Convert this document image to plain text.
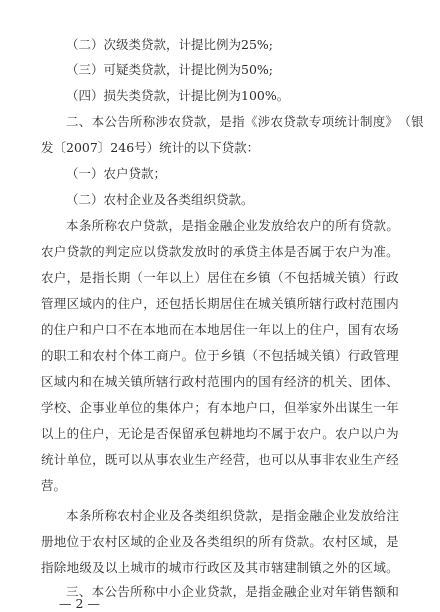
（二）次级类贷款，计提比例为25%;
（三）可疑类贷款，计提比例为50%;
（四）损失类贷款，计提比例为100%。
二 、 本 公 告 所 称 涉 农 贷 款 ， 是 指 《 涉 农 贷 款 专 项 统 计 制 度 》 （ 银
发〔2007〕246号）统计的以下贷款：
（一）农户贷款；
（二）农村企业及各类组织贷款。
本 条 所 称 农 户 贷 款 ， 是 指 金 融 企 业 发 放 给 农 户 的 所 有 贷 款 。
农 户 贷 款 的 判 定 应 以 贷 款 发 放 时 的 承 贷 主 体 是 否 属 于 农 户 为 准 。
农 户 ， 是 指 长 期 （ 一 年 以 上 ） 居 住 在 乡 镇 （ 不 包 括 城 关 镇 ） 行 政
管 理 区 域 内 的 住 户 ， 还 包 括 长 期 居 住 在 城 关 镇 所 辖 行 政 村 范 围 内
的 住 户 和 户 口 不 在 本 地 而 在 本 地 居 住 一 年 以 上 的 住 户 ， 国 有 农 场
的 职 工 和 农 村 个 体 工 商 户 。 位 于 乡 镇 （ 不 包 括 城 关 镇 ） 行 政 管 理
区 域 内 和 在 城 关 镇 所 辖 行 政 村 范 围 内 的 国 有 经 济 的 机 关 、 团 体 、
学 校 、 企 事 业 单 位 的 集 体 户 ； 有 本 地 户 口 ， 但 举 家 外 出 谋 生 一 年
以 上 的 住 户 ， 无 论 是 否 保 留 承 包 耕 地 均 不 属 于 农 户 。 农 户 以 户 为
统 计 单 位 ， 既 可 以 从 事 农 业 生 产 经 营 ， 也 可 以 从 事 非 农 业 生 产 经
营。
本 条 所 称 农 村 企 业 及 各 类 组 织 贷 款 ， 是 指 金 融 企 业 发 放 给 注
册 地 位 于 农 村 区 域 的 企 业 及 各 类 组 织 的 所 有 贷 款 。 农 村 区 域 ， 是
指 除 地 级 及 以 上 城 市 的 城 市 行 政 区 及 其 市 辖 建 制 镇 之 外 的 区 域 。
三 、 本 公 告 所 称 中 小 企 业 贷 款 ， 是 指 金 融 企 业 对 年 销 售 额 和
— 2 —
